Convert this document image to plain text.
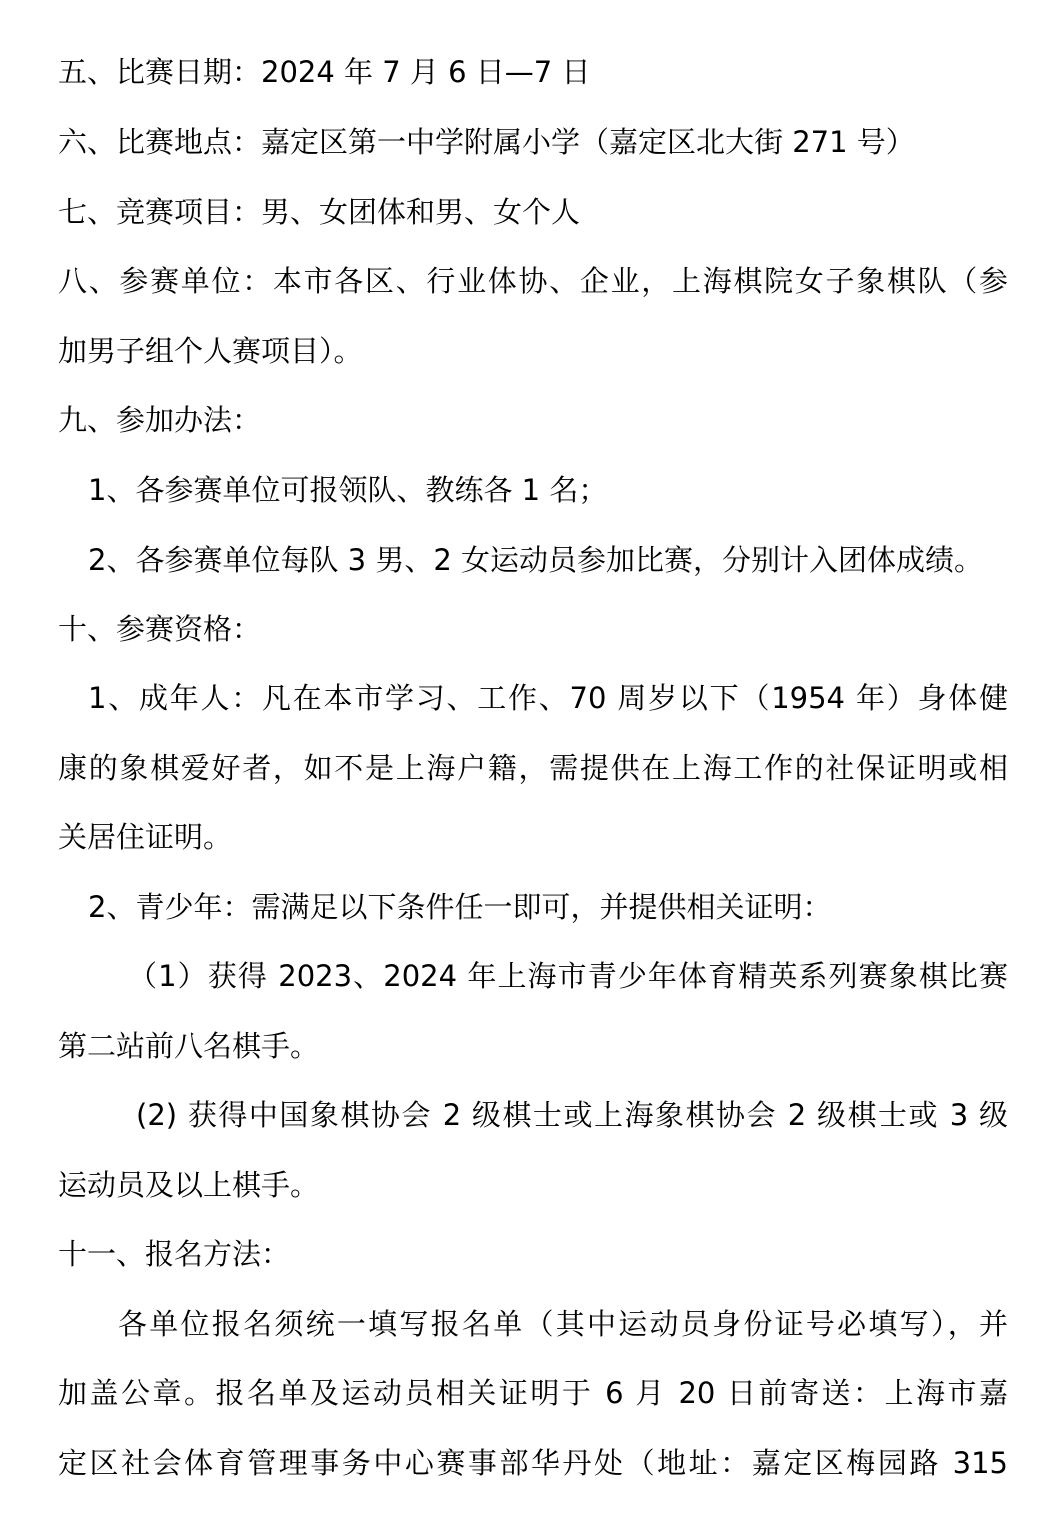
五、比赛日期：2024 年 7 月 6 日—7 日
六、比赛地点：嘉定区第一中学附属小学（嘉定区北大街 271 号）
七、竞赛项目：男、女团体和男、女个人
八、参赛单位：本市各区、行业体协、企业，上海棋院女子象棋队（参
加男子组个人赛项目）。
九、参加办法：
1、各参赛单位可报领队、教练各 1 名；
2、各参赛单位每队 3 男、2 女运动员参加比赛，分别计入团体成绩。
十、参赛资格：
1、成年人：凡在本市学习、工作、70 周岁以下（1954 年）身体健
康的象棋爱好者，如不是上海户籍，需提供在上海工作的社保证明或相
关居住证明。
2、青少年：需满足以下条件任一即可，并提供相关证明：
（1）获得 2023、2024 年上海市青少年体育精英系列赛象棋比赛
第二站前八名棋手。
(2) 获得中国象棋协会 2 级棋士或上海象棋协会 2 级棋士或 3 级
运动员及以上棋手。
十一、报名方法：
各单位报名须统一填写报名单（其中运动员身份证号必填写），并
加盖公章。报名单及运动员相关证明于 6 月 20 日前寄送：上海市嘉
定区社会体育管理事务中心赛事部华丹处（地址：嘉定区梅园路 315
